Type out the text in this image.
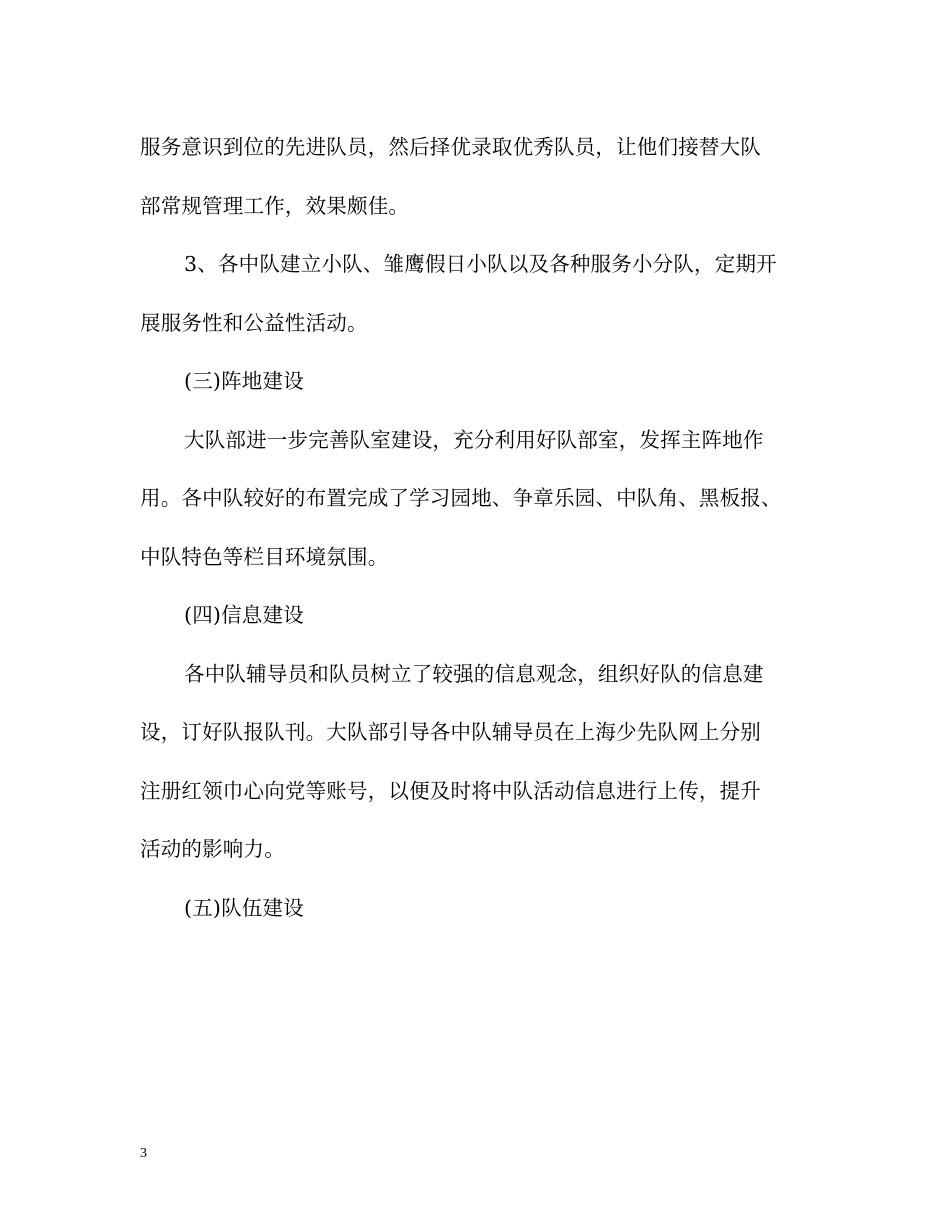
服务意识到位的先进队员，然后择优录取优秀队员，让他们接替大队
部常规管理工作，效果颇佳。
3、各中队建立小队、雏鹰假日小队以及各种服务小分队，定期开
展服务性和公益性活动。
(三)阵地建设
大队部进一步完善队室建设，充分利用好队部室，发挥主阵地作
用。各中队较好的布置完成了学习园地、争章乐园、中队角、黑板报、
中队特色等栏目环境氛围。
(四)信息建设
各中队辅导员和队员树立了较强的信息观念，组织好队的信息建
设，订好队报队刊。大队部引导各中队辅导员在上海少先队网上分别
注册红领巾心向党等账号，以便及时将中队活动信息进行上传，提升
活动的影响力。
(五)队伍建设
3
